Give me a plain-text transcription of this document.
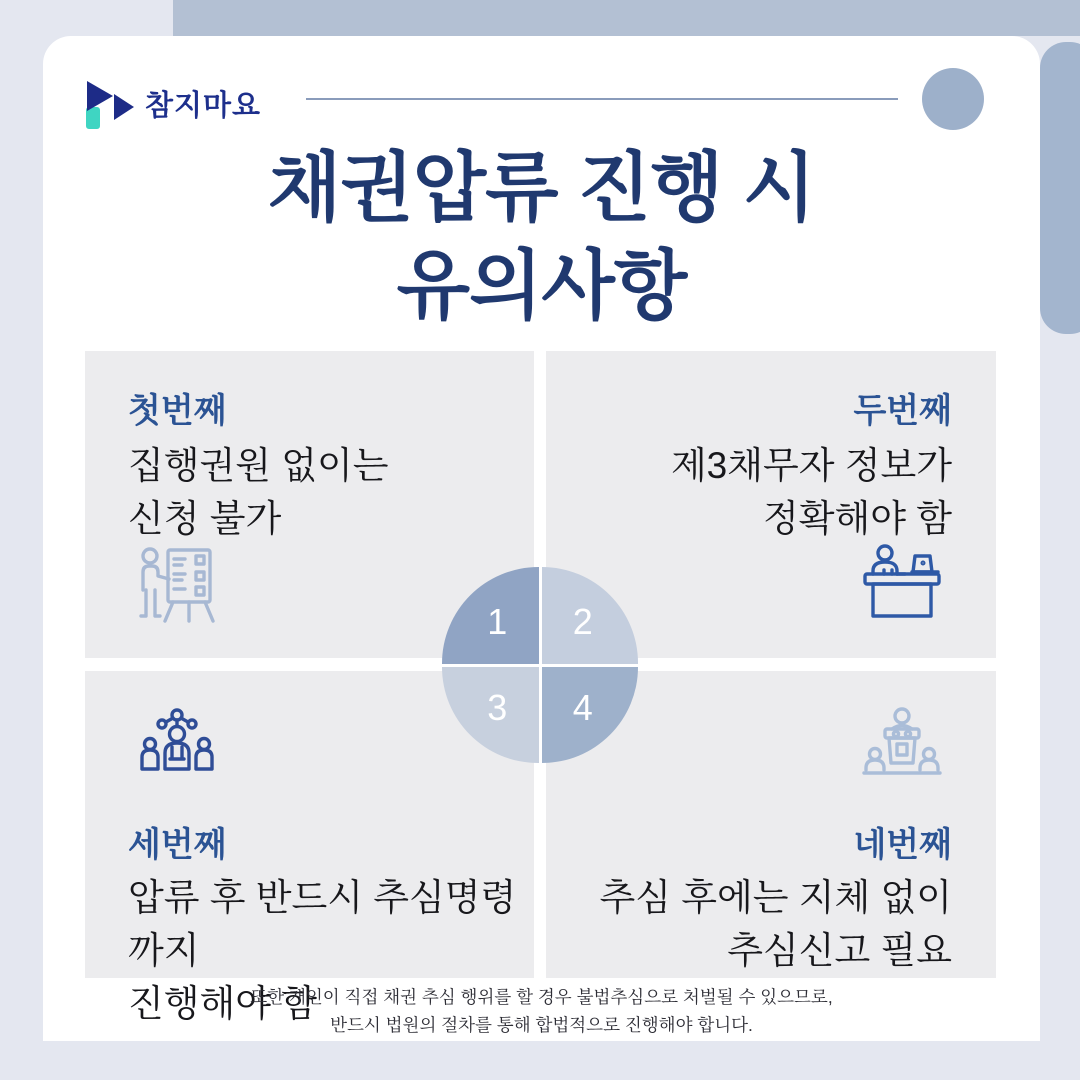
참지마요
채권압류 진행 시
유의사항
첫번째
집행권원 없이는
신청 불가
두번째
제3채무자 정보가
정확해야 함
세번째
압류 후 반드시 추심명령까지
진행해야 함
네번째
추심 후에는 지체 없이
추심신고 필요
1 2
3 4
또한 개인이 직접 채권 추심 행위를 할 경우 불법추심으로 처벌될 수 있으므로,
반드시 법원의 절차를 통해 합법적으로 진행해야 합니다.
